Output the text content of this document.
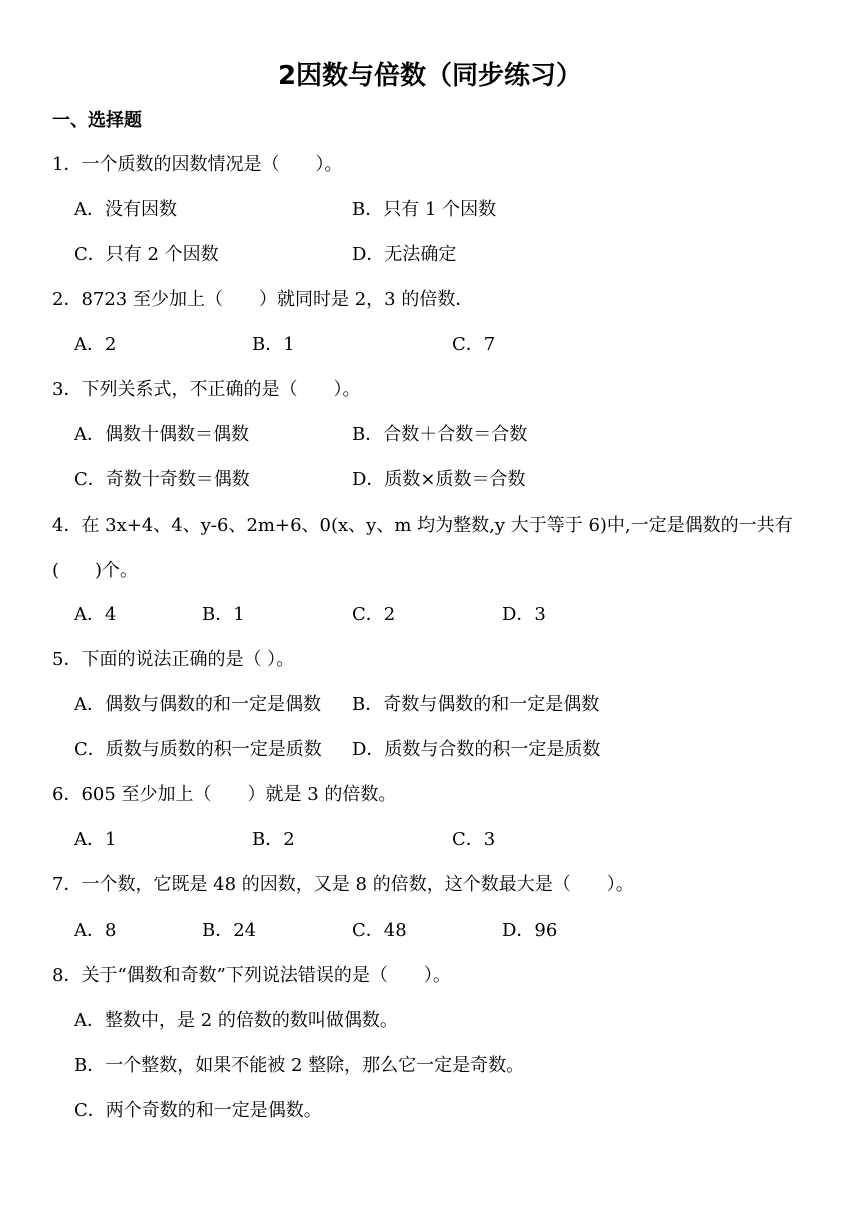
2因数与倍数（同步练习）
一、选择题
1．一个质数的因数情况是（　　）。
A．没有因数	B．只有 1 个因数
C．只有 2 个因数	D．无法确定
2．8723 至少加上（　　）就同时是 2，3 的倍数．
A．2	B．1	C．7
3．下列关系式，不正确的是（　　）。
A．偶数十偶数＝偶数	B．合数＋合数＝合数
C．奇数十奇数＝偶数	D．质数×质数＝合数
4．在 3x+4、4、y-6、2m+6、0(x、y、m 均为整数,y 大于等于 6)中,一定是偶数的一共有(　　)个。
A．4	B．1	C．2	D．3
5．下面的说法正确的是（ ）。
A．偶数与偶数的和一定是偶数 B．奇数与偶数的和一定是偶数
C．质数与质数的积一定是质数 D．质数与合数的积一定是质数
6．605 至少加上（　　）就是 3 的倍数。
A．1	B．2	C．3
7．一个数，它既是 48 的因数，又是 8 的倍数，这个数最大是（　　）。
A．8	B．24	C．48	D．96
8．关于“偶数和奇数”下列说法错误的是（　　）。
A．整数中，是 2 的倍数的数叫做偶数。
B．一个整数，如果不能被 2 整除，那么它一定是奇数。
C．两个奇数的和一定是偶数。
